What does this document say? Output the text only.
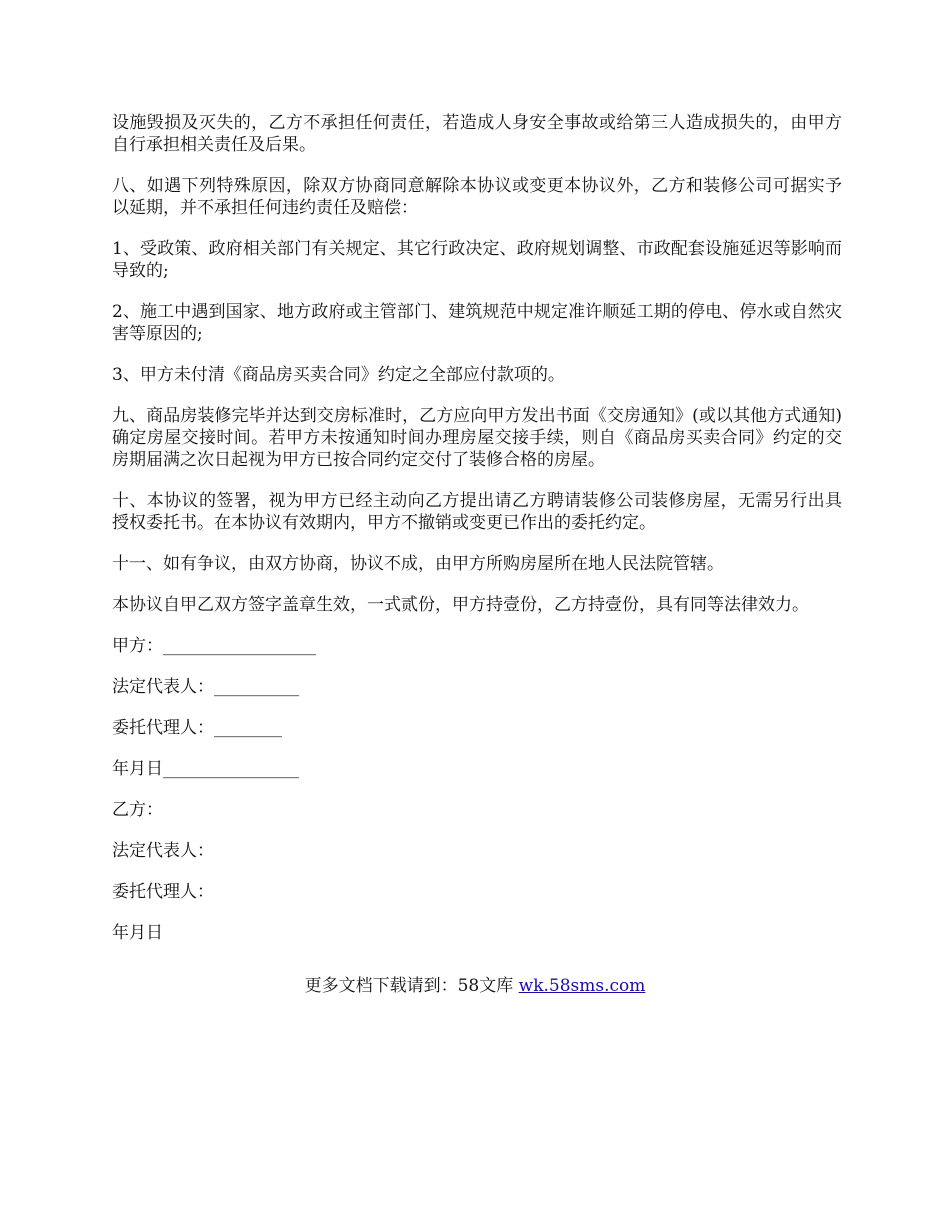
设施毁损及灭失的，乙方不承担任何责任，若造成人身安全事故或给第三人造成损失的，由甲方自行承担相关责任及后果。

八、如遇下列特殊原因，除双方协商同意解除本协议或变更本协议外，乙方和装修公司可据实予以延期，并不承担任何违约责任及赔偿：

1、受政策、政府相关部门有关规定、其它行政决定、政府规划调整、市政配套设施延迟等影响而导致的;

2、施工中遇到国家、地方政府或主管部门、建筑规范中规定准许顺延工期的停电、停水或自然灾害等原因的;

3、甲方未付清《商品房买卖合同》约定之全部应付款项的。

九、商品房装修完毕并达到交房标准时，乙方应向甲方发出书面《交房通知》(或以其他方式通知)确定房屋交接时间。若甲方未按通知时间办理房屋交接手续，则自《商品房买卖合同》约定的交房期届满之次日起视为甲方已按合同约定交付了装修合格的房屋。

十、本协议的签署，视为甲方已经主动向乙方提出请乙方聘请装修公司装修房屋，无需另行出具授权委托书。在本协议有效期内，甲方不撤销或变更已作出的委托约定。

十一、如有争议，由双方协商，协议不成，由甲方所购房屋所在地人民法院管辖。

本协议自甲乙双方签字盖章生效，一式贰份，甲方持壹份，乙方持壹份，具有同等法律效力。

甲方：__________________

法定代表人：__________

委托代理人：________

年月日________________

乙方：

法定代表人：

委托代理人：

年月日

更多文档下载请到：58文库 wk.58sms.com
